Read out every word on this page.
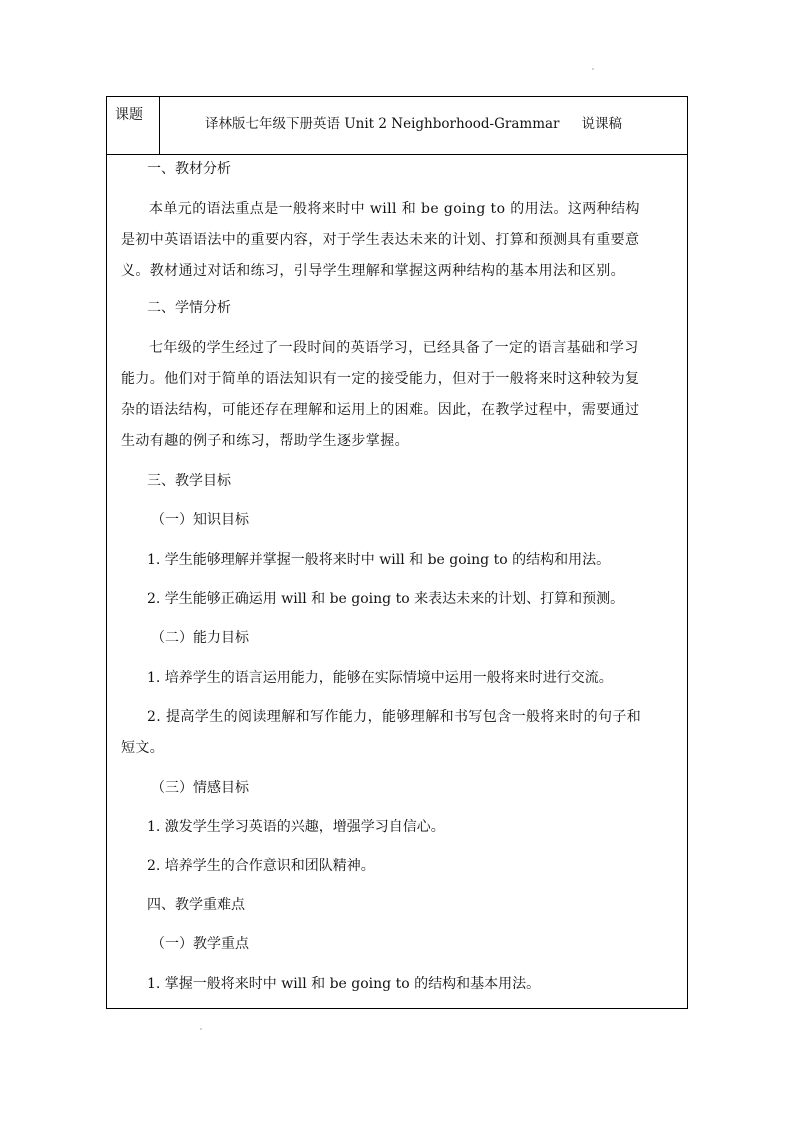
课题
译林版七年级下册英语 Unit 2 Neighborhood-Grammar 说课稿
一、教材分析
本单元的语法重点是一般将来时中 will 和 be going to 的用法。这两种结构
是初中英语语法中的重要内容，对于学生表达未来的计划、打算和预测具有重要意
义。教材通过对话和练习，引导学生理解和掌握这两种结构的基本用法和区别。
二、学情分析
七年级的学生经过了一段时间的英语学习，已经具备了一定的语言基础和学习
能力。他们对于简单的语法知识有一定的接受能力，但对于一般将来时这种较为复
杂的语法结构，可能还存在理解和运用上的困难。因此，在教学过程中，需要通过
生动有趣的例子和练习，帮助学生逐步掌握。
三、教学目标
（一）知识目标
1. 学生能够理解并掌握一般将来时中 will 和 be going to 的结构和用法。
2. 学生能够正确运用 will 和 be going to 来表达未来的计划、打算和预测。
（二）能力目标
1. 培养学生的语言运用能力，能够在实际情境中运用一般将来时进行交流。
2. 提高学生的阅读理解和写作能力，能够理解和书写包含一般将来时的句子和
短文。
（三）情感目标
1. 激发学生学习英语的兴趣，增强学习自信心。
2. 培养学生的合作意识和团队精神。
四、教学重难点
（一）教学重点
1. 掌握一般将来时中 will 和 be going to 的结构和基本用法。
